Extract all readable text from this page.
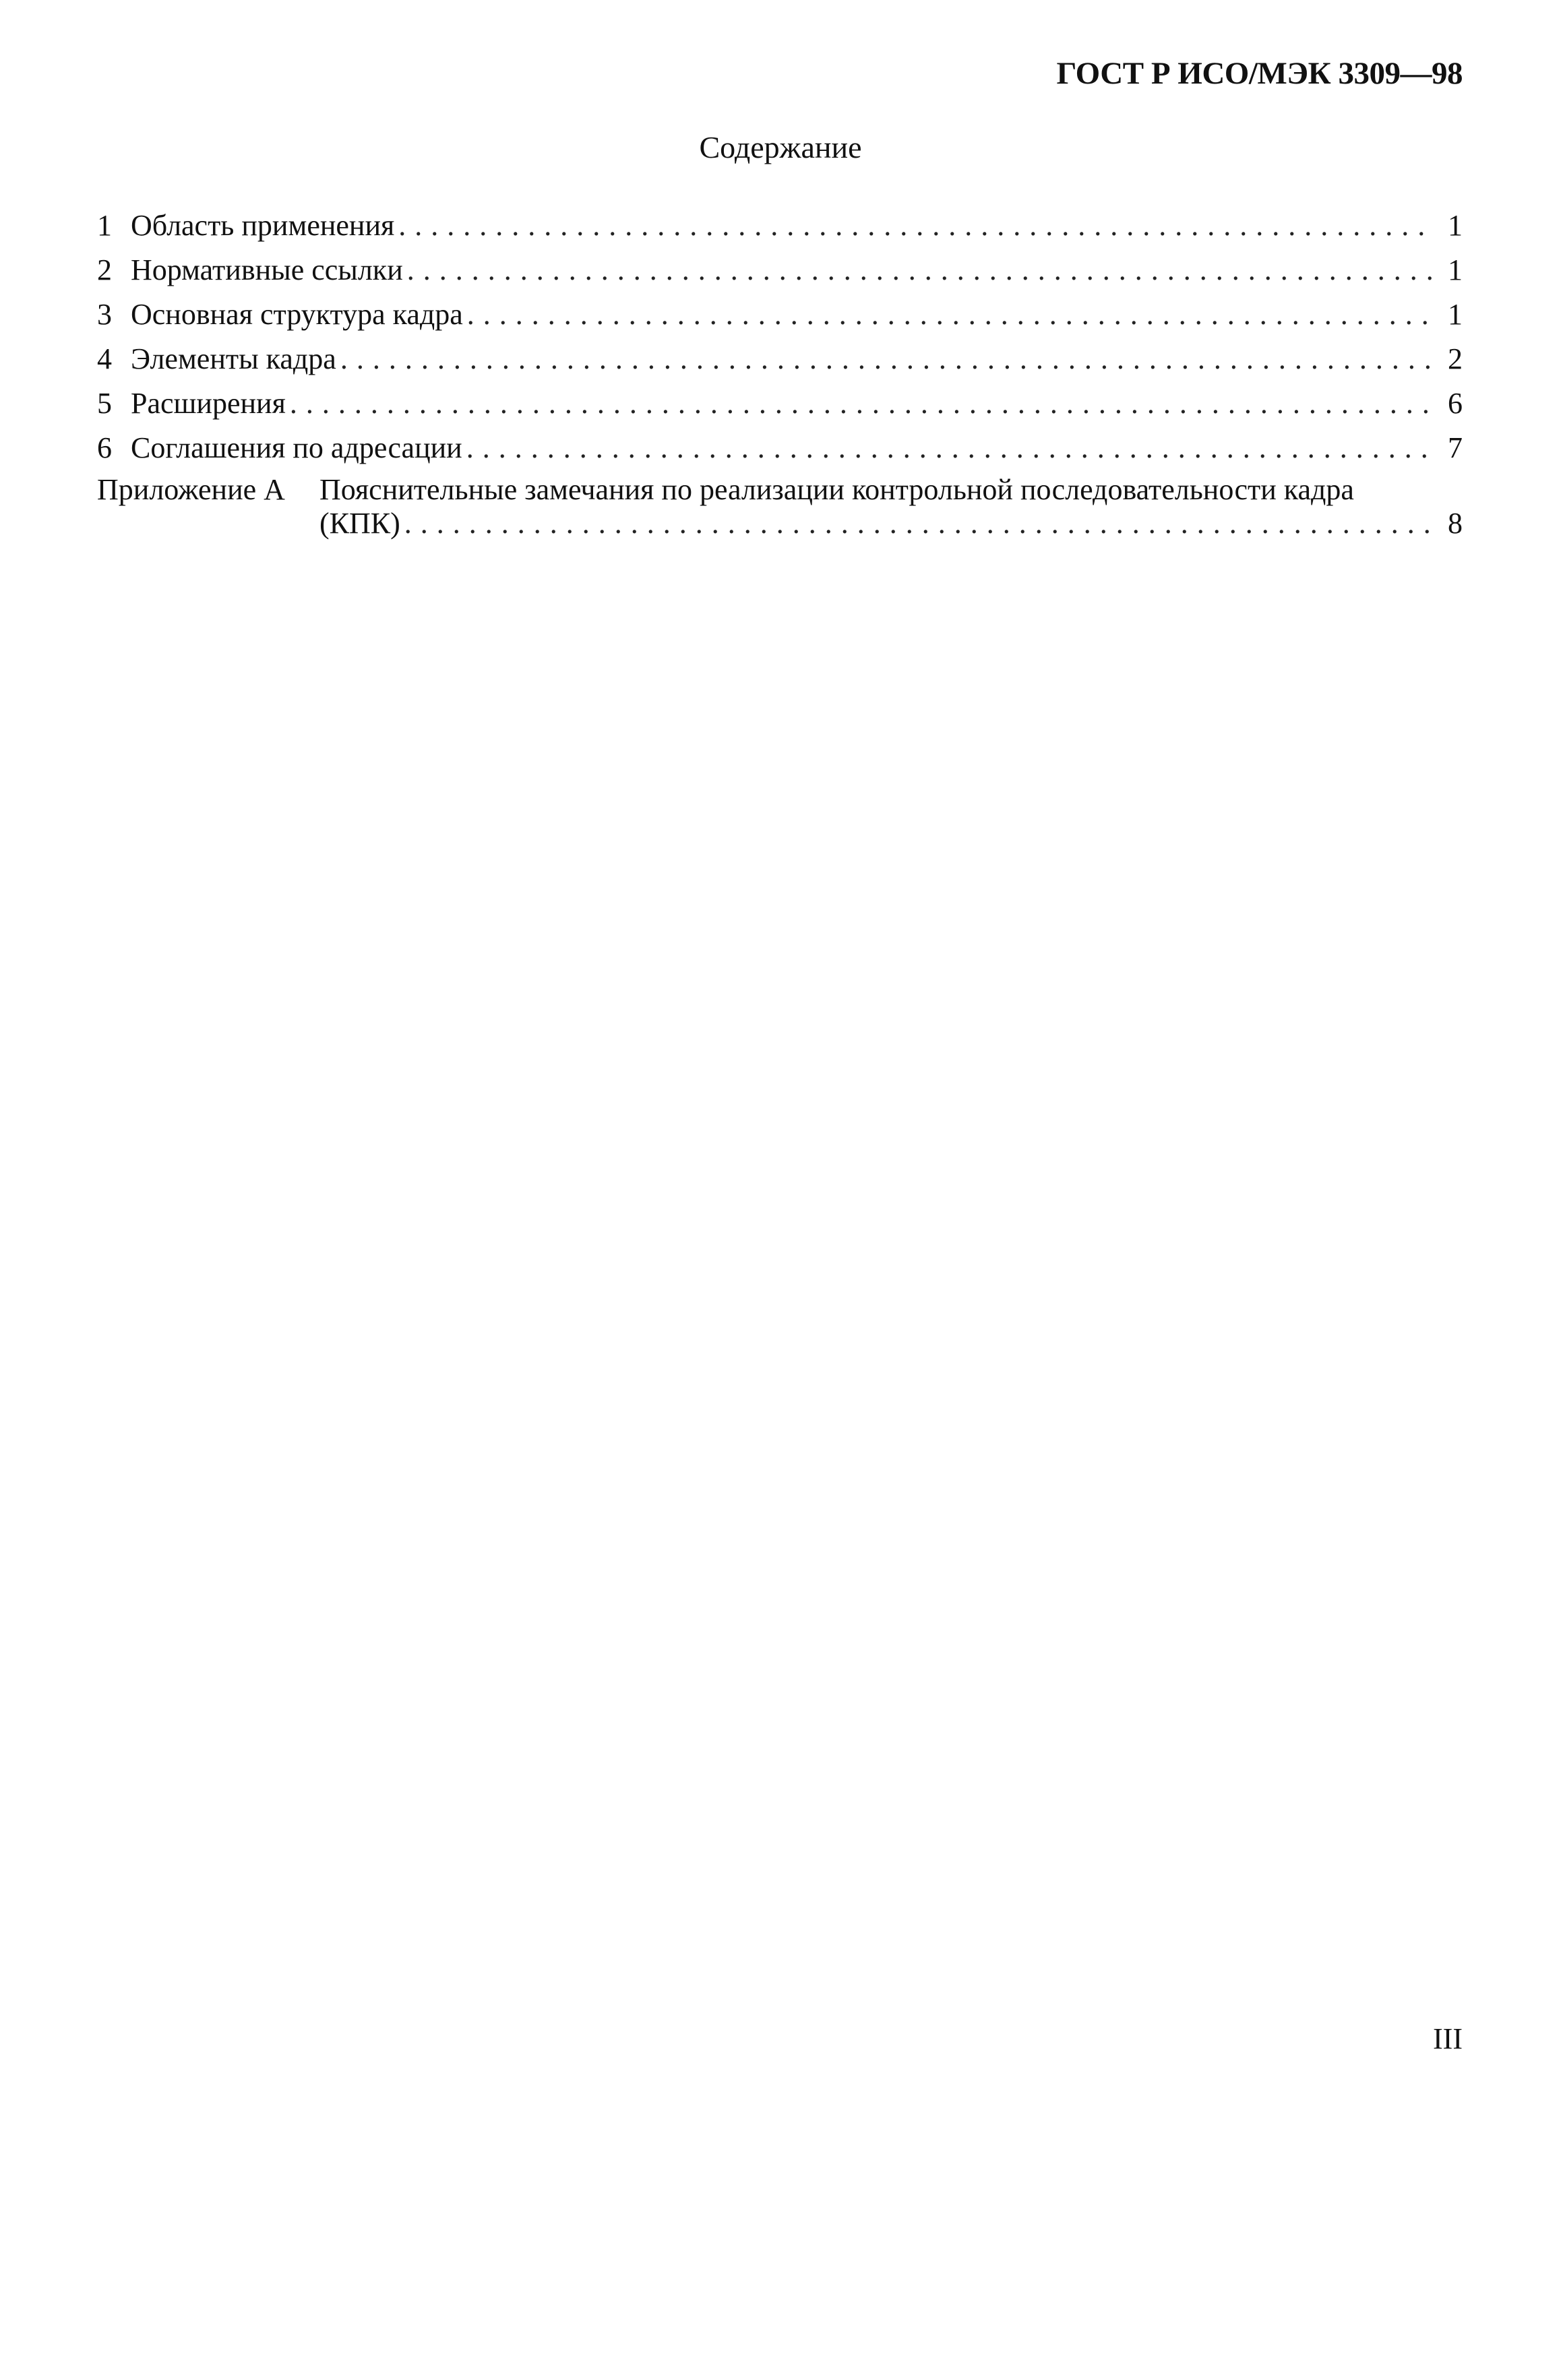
ГОСТ Р ИСО/МЭК 3309—98
Содержание
1 Область применения . . .	1
2 Нормативные ссылки . . .	1
3 Основная структура кадра . . .	1
4 Элементы кадра . . .	2
5 Расширения . . .	6
6 Соглашения по адресации . . .	7
Приложение А	Пояснительные замечания по реализации контрольной последовательности кадра
(КПК) . . .	8
III
